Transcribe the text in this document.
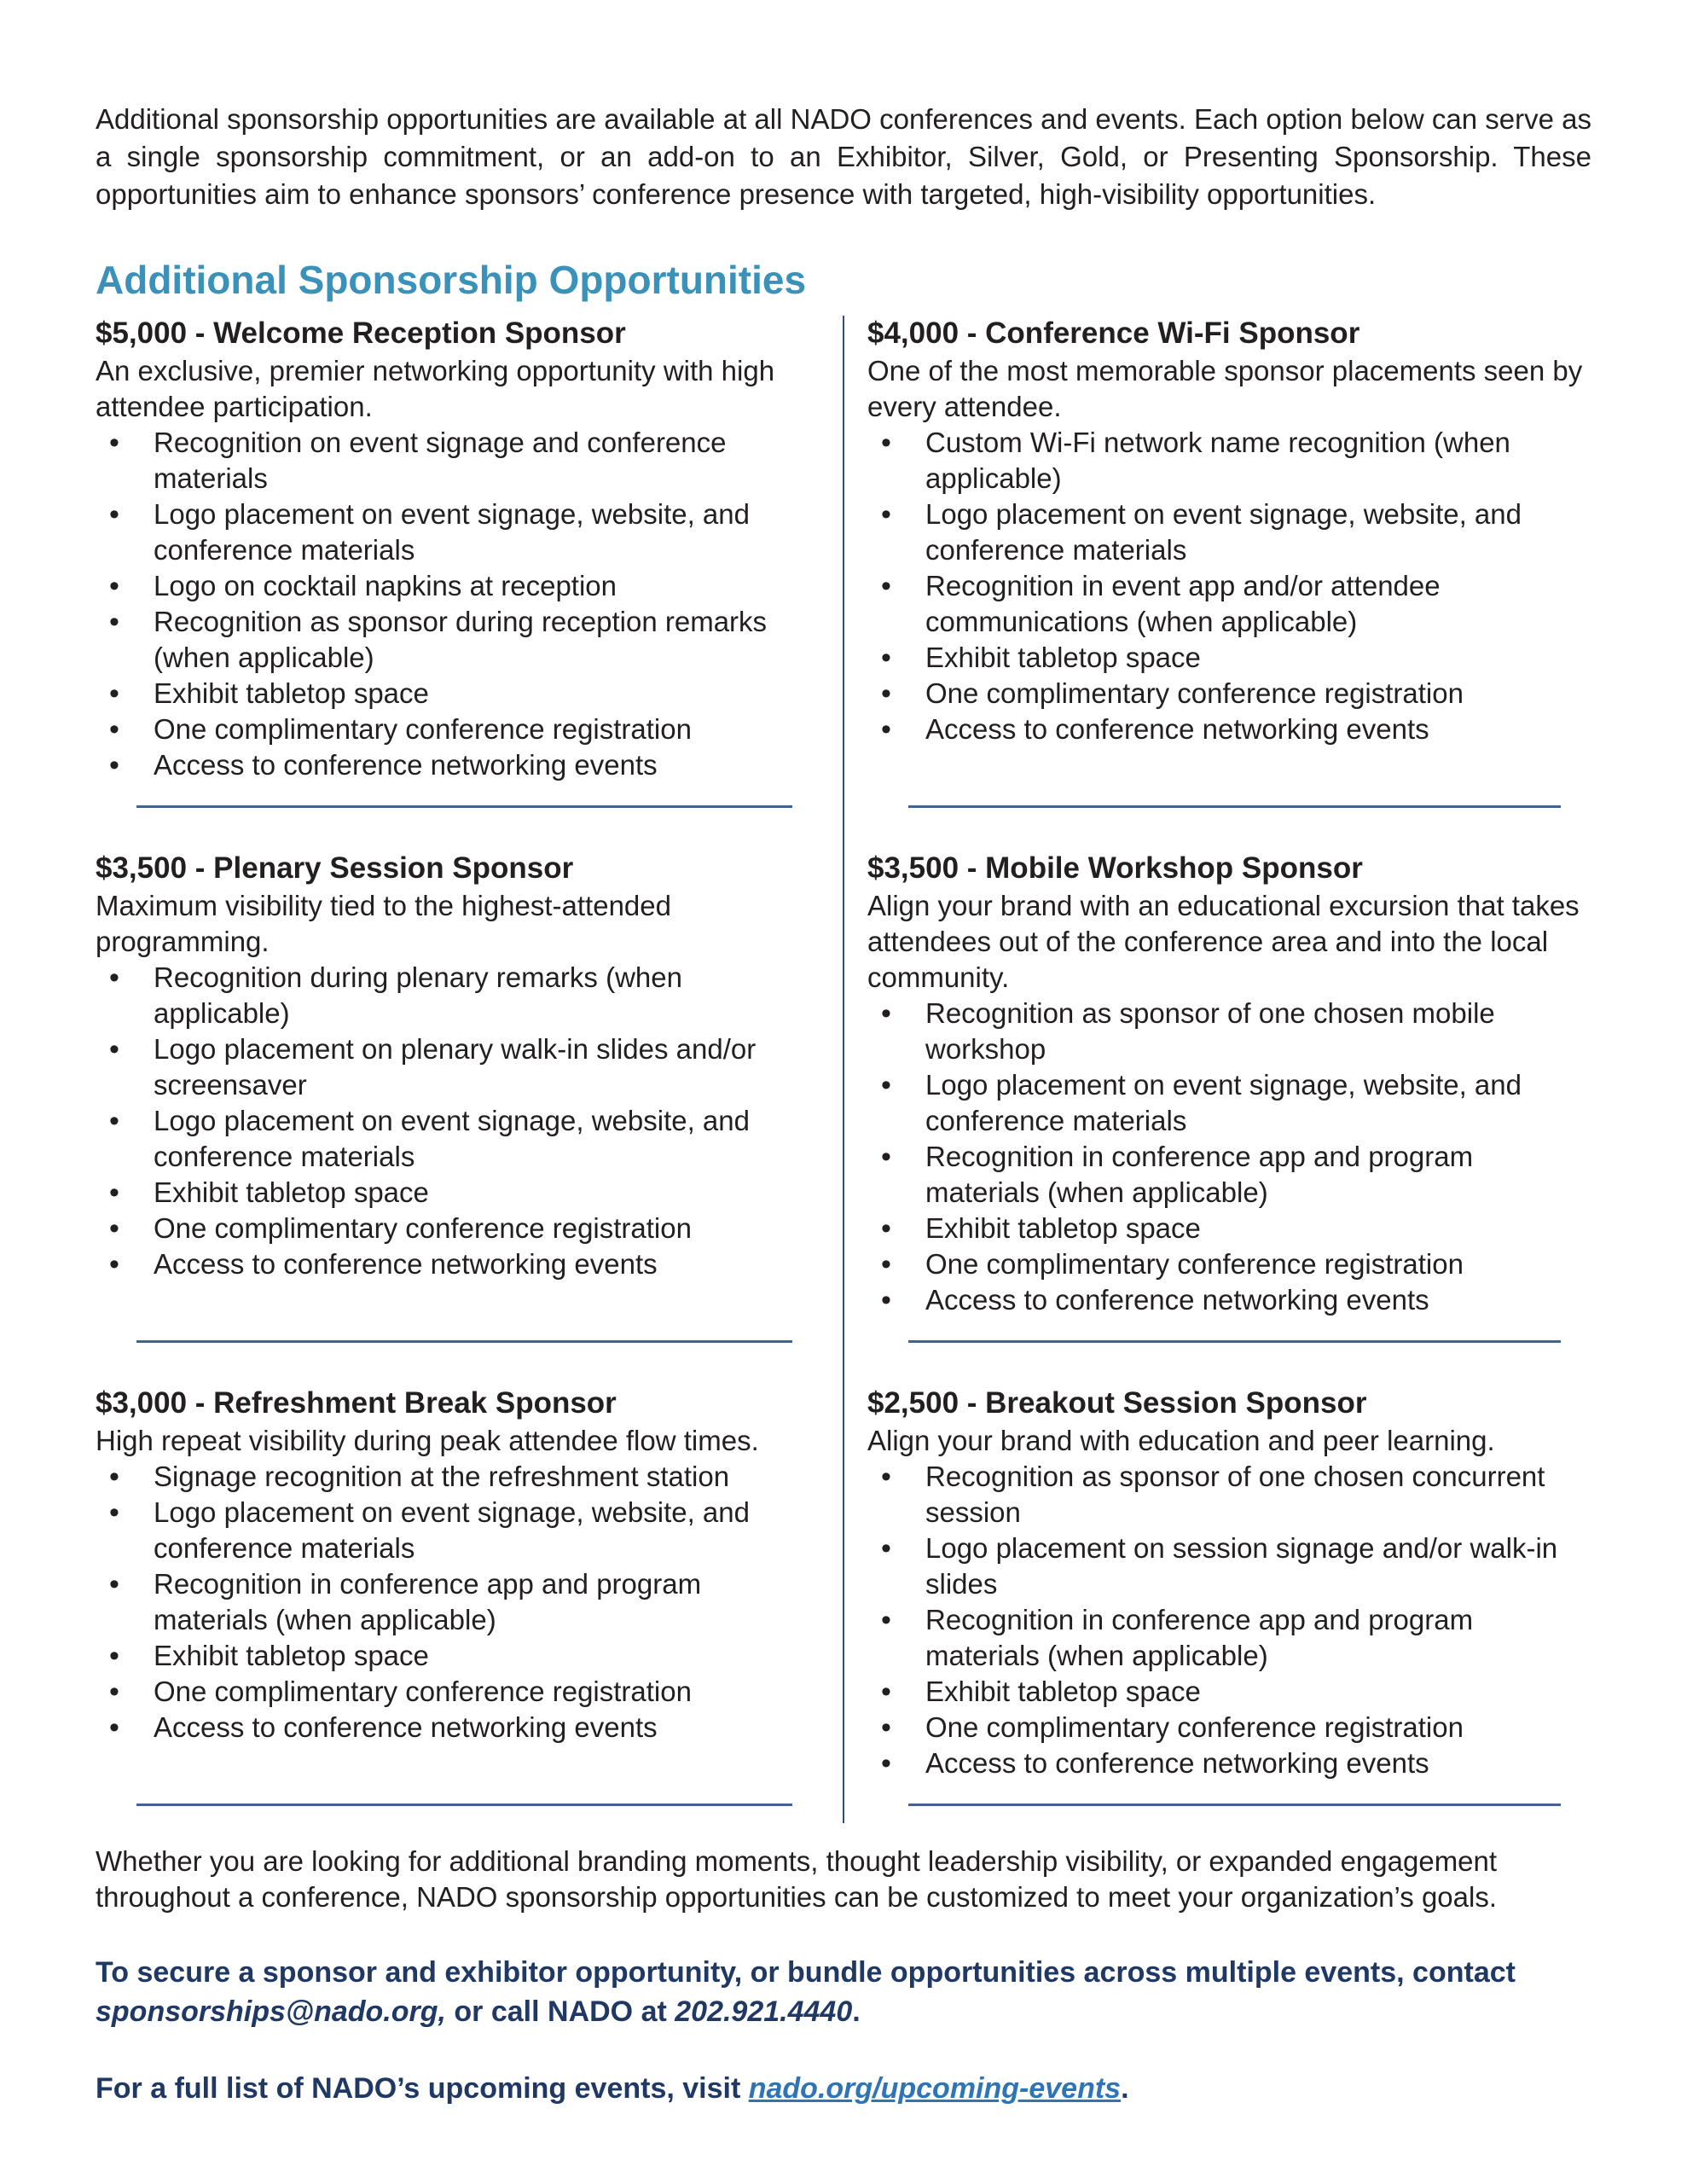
Additional sponsorship opportunities are available at all NADO conferences and events. Each option below can serve as a single sponsorship commitment, or an add-on to an Exhibitor, Silver, Gold, or Presenting Sponsorship. These opportunities aim to enhance sponsors’ conference presence with targeted, high-visibility opportunities.

Additional Sponsorship Opportunities
$5,000 - Welcome Reception Sponsor

An exclusive, premier networking opportunity with high attendee participation.

• Recognition on event signage and conference materials
• Logo placement on event signage, website, and conference materials
• Logo on cocktail napkins at reception
• Recognition as sponsor during reception remarks (when applicable)
• Exhibit tabletop space
• One complimentary conference registration
• Access to conference networking events
$4,000 - Conference Wi-Fi Sponsor

One of the most memorable sponsor placements seen by every attendee.

• Custom Wi-Fi network name recognition (when applicable)
• Logo placement on event signage, website, and conference materials
• Recognition in event app and/or attendee communications (when applicable)
• Exhibit tabletop space
• One complimentary conference registration
• Access to conference networking events
$3,500 - Plenary Session Sponsor

Maximum visibility tied to the highest-attended programming.

• Recognition during plenary remarks (when applicable)
• Logo placement on plenary walk-in slides and/or screensaver
• Logo placement on event signage, website, and conference materials
• Exhibit tabletop space
• One complimentary conference registration
• Access to conference networking events
$3,500 - Mobile Workshop Sponsor

Align your brand with an educational excursion that takes attendees out of the conference area and into the local community.

• Recognition as sponsor of one chosen mobile workshop
• Logo placement on event signage, website, and conference materials
• Recognition in conference app and program materials (when applicable)
• Exhibit tabletop space
• One complimentary conference registration
• Access to conference networking events
$3,000 - Refreshment Break Sponsor

High repeat visibility during peak attendee flow times.

• Signage recognition at the refreshment station
• Logo placement on event signage, website, and conference materials
• Recognition in conference app and program materials (when applicable)
• Exhibit tabletop space
• One complimentary conference registration
• Access to conference networking events
$2,500 - Breakout Session Sponsor

Align your brand with education and peer learning.

• Recognition as sponsor of one chosen concurrent session
• Logo placement on session signage and/or walk-in slides
• Recognition in conference app and program materials (when applicable)
• Exhibit tabletop space
• One complimentary conference registration
• Access to conference networking events

Whether you are looking for additional branding moments, thought leadership visibility, or expanded engagement throughout a conference, NADO sponsorship opportunities can be customized to meet your organization’s goals.

To secure a sponsor and exhibitor opportunity, or bundle opportunities across multiple events, contact sponsorships@nado.org, or call NADO at 202.921.4440.

For a full list of NADO’s upcoming events, visit nado.org/upcoming-events.
